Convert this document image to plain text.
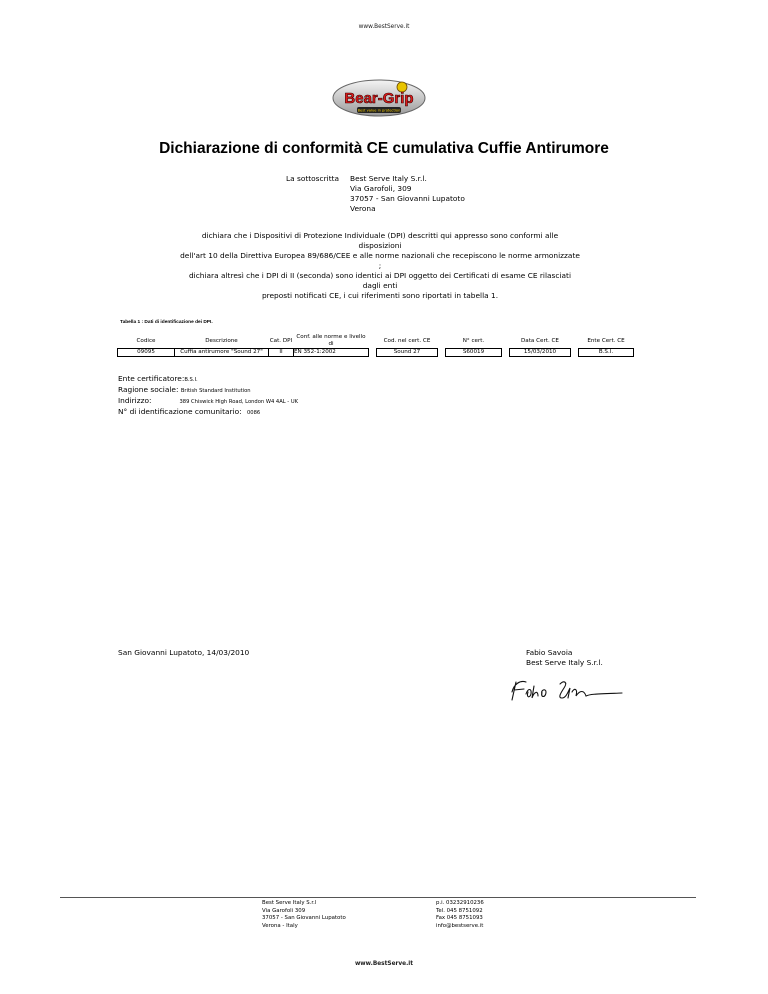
www.BestServe.it
Bear-Grip
Best value in protection
Dichiarazione di conformità CE cumulativa Cuffie Antirumore
La sottoscritta Best Serve Italy S.r.l.
Via Garofoli, 309
37057 - San Giovanni Lupatoto
Verona
dichiara che i Dispositivi di Protezione Individuale (DPI) descritti qui appresso sono conformi alle disposizioni
dell'art 10 della Direttiva Europea 89/686/CEE e alle norme nazionali che recepiscono le norme armonizzate ;
dichiara altresì che i DPI di II (seconda) sono identici ai DPI oggetto dei Certificati di esame CE rilasciati dagli enti
preposti notificati CE, i cui riferimenti sono riportati in tabella 1.
Tabella 1 : Dati di identificazione dei DPI.
Codice	Descrizione	Cat. DPI	Conf. alle norme e livello di		Cod. nel cert. CE		N° cert.		Data Cert. CE		Ente Cert. CE
09095	Cuffia antirumore "Sound 27"	II	EN 352-1:2002		Sound 27		S60019		15/03/2010		B.S.I.
Ente certificatore:B.S.I.
Ragione sociale: British Standard Institution
Indirizzo:	389 Chiswick High Road, London W4 4AL - UK
N° di identificazione comunitario: 0086
San Giovanni Lupatoto, 14/03/2010	Fabio Savoia
Best Serve Italy S.r.l.
Best Serve Italy S.r.l
Via Garofoli 309
37057 - San Giovanni Lupatoto
Verona - Italy
p.i. 03232910236
Tel. 045 8751092
Fax 045 8751093
info@bestserve.it
www.BestServe.it
